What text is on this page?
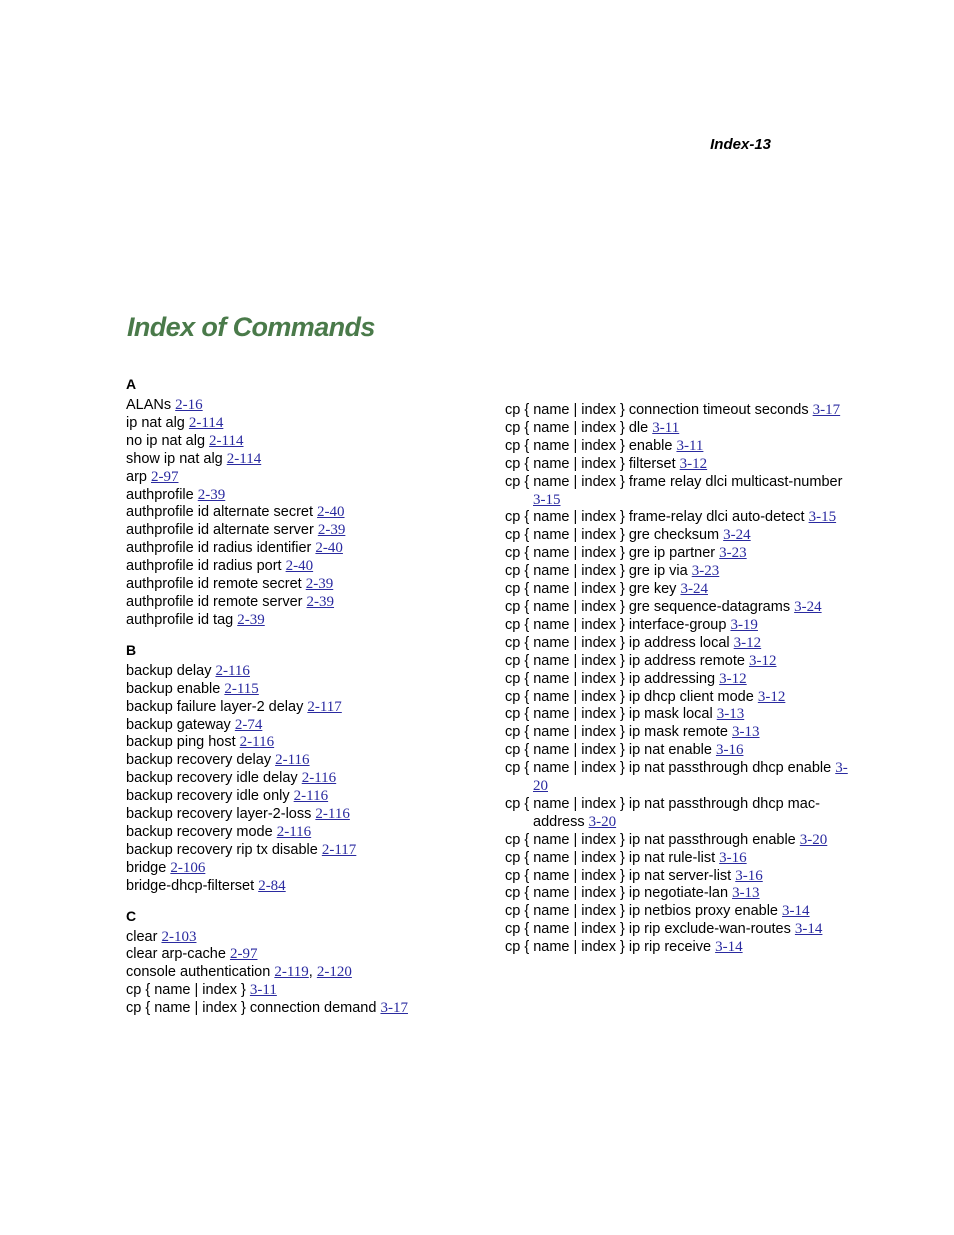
Index-13
Index of Commands
A
ALANs 2-16
ip nat alg 2-114
no ip nat alg 2-114
show ip nat alg 2-114
arp 2-97
authprofile 2-39
authprofile id alternate secret 2-40
authprofile id alternate server 2-39
authprofile id radius identifier 2-40
authprofile id radius port 2-40
authprofile id remote secret 2-39
authprofile id remote server 2-39
authprofile id tag 2-39
B
backup delay 2-116
backup enable 2-115
backup failure layer-2 delay 2-117
backup gateway 2-74
backup ping host 2-116
backup recovery delay 2-116
backup recovery idle delay 2-116
backup recovery idle only 2-116
backup recovery layer-2-loss 2-116
backup recovery mode 2-116
backup recovery rip tx disable 2-117
bridge 2-106
bridge-dhcp-filterset 2-84
C
clear 2-103
clear arp-cache 2-97
console authentication 2-119, 2-120
cp { name | index } 3-11
cp { name | index } connection demand 3-17
cp { name | index } connection timeout seconds 3-17
cp { name | index } dle 3-11
cp { name | index } enable 3-11
cp { name | index } filterset 3-12
cp { name | index } frame relay dlci multicast-number 3-15
cp { name | index } frame-relay dlci auto-detect 3-15
cp { name | index } gre checksum 3-24
cp { name | index } gre ip partner 3-23
cp { name | index } gre ip via 3-23
cp { name | index } gre key 3-24
cp { name | index } gre sequence-datagrams 3-24
cp { name | index } interface-group 3-19
cp { name | index } ip address local 3-12
cp { name | index } ip address remote 3-12
cp { name | index } ip addressing 3-12
cp { name | index } ip dhcp client mode 3-12
cp { name | index } ip mask local 3-13
cp { name | index } ip mask remote 3-13
cp { name | index } ip nat enable 3-16
cp { name | index } ip nat passthrough dhcp enable 3-20
cp { name | index } ip nat passthrough dhcp mac-address 3-20
cp { name | index } ip nat passthrough enable 3-20
cp { name | index } ip nat rule-list 3-16
cp { name | index } ip nat server-list 3-16
cp { name | index } ip negotiate-lan 3-13
cp { name | index } ip netbios proxy enable 3-14
cp { name | index } ip rip exclude-wan-routes 3-14
cp { name | index } ip rip receive 3-14
